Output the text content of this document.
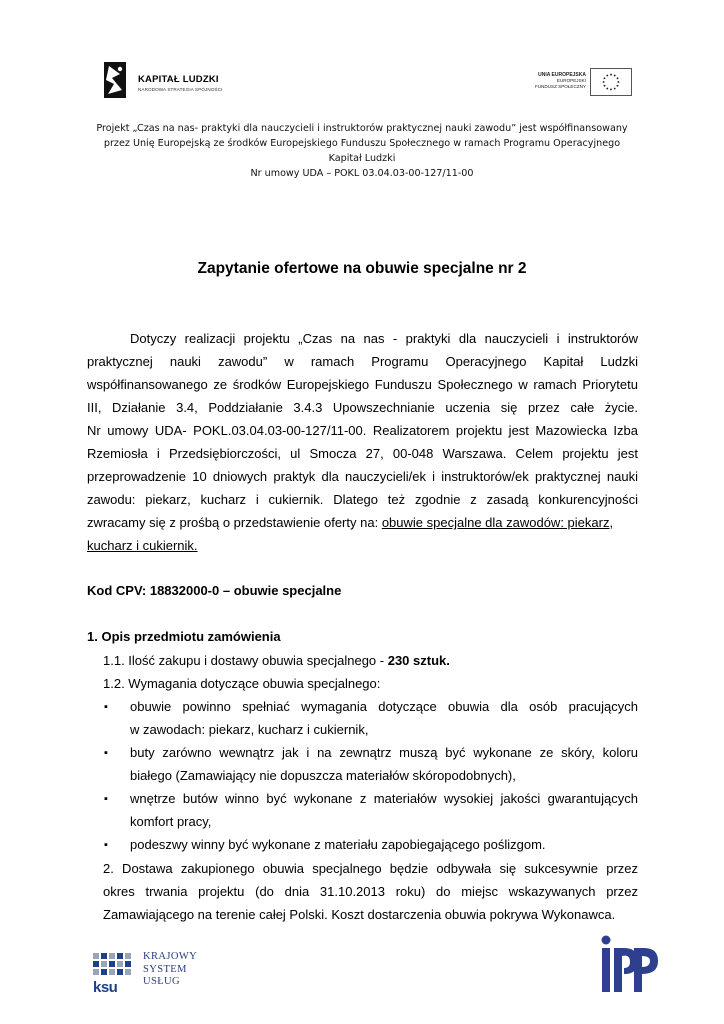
KAPITAŁ LUDZKI
NARODOWA STRATEGIA SPÓJNOŚCI
UNIA EUROPEJSKA
EUROPEJSKI
FUNDUSZ SPOŁECZNY
Projekt „Czas na nas- praktyki dla nauczycieli i instruktorów praktycznej nauki zawodu” jest współfinansowany
przez Unię Europejską ze środków Europejskiego Funduszu Społecznego w ramach Programu Operacyjnego
Kapitał Ludzki
Nr umowy UDA – POKL 03.04.03-00-127/11-00
Zapytanie ofertowe na obuwie specjalne nr 2
Dotyczy realizacji projektu „Czas na nas - praktyki dla nauczycieli i instruktorów
praktycznej nauki zawodu” w ramach Programu Operacyjnego Kapitał Ludzki
współfinansowanego ze środków Europejskiego Funduszu Społecznego w ramach Priorytetu
III, Działanie 3.4, Poddziałanie 3.4.3 Upowszechnianie uczenia się przez całe życie.
Nr umowy UDA- POKL.03.04.03-00-127/11-00. Realizatorem projektu jest Mazowiecka Izba
Rzemiosła i Przedsiębiorczości, ul Smocza 27, 00-048 Warszawa. Celem projektu jest
przeprowadzenie 10 dniowych praktyk dla nauczycieli/ek i instruktorów/ek praktycznej nauki
zawodu: piekarz, kucharz i cukiernik. Dlatego też zgodnie z zasadą konkurencyjności
zwracamy się z prośbą o przedstawienie oferty na: obuwie specjalne dla zawodów: piekarz,
kucharz i cukiernik.
Kod CPV: 18832000-0 – obuwie specjalne
1. Opis przedmiotu zamówienia
1.1. Ilość zakupu i dostawy obuwia specjalnego - 230 sztuk.
1.2. Wymagania dotyczące obuwia specjalnego:
▪ obuwie powinno spełniać wymagania dotyczące obuwia dla osób pracujących
w zawodach: piekarz, kucharz i cukiernik,
▪ buty zarówno wewnątrz jak i na zewnątrz muszą być wykonane ze skóry, koloru
białego (Zamawiający nie dopuszcza materiałów skóropodobnych),
▪ wnętrze butów winno być wykonane z materiałów wysokiej jakości gwarantujących
komfort pracy,
▪ podeszwy winny być wykonane z materiału zapobiegającego poślizgom.
2. Dostawa zakupionego obuwia specjalnego będzie odbywała się sukcesywnie przez
okres trwania projektu (do dnia 31.10.2013 roku) do miejsc wskazywanych przez
Zamawiającego na terenie całej Polski. Koszt dostarczenia obuwia pokrywa Wykonawca.
ksu
KRAJOWY
SYSTEM
USŁUG
